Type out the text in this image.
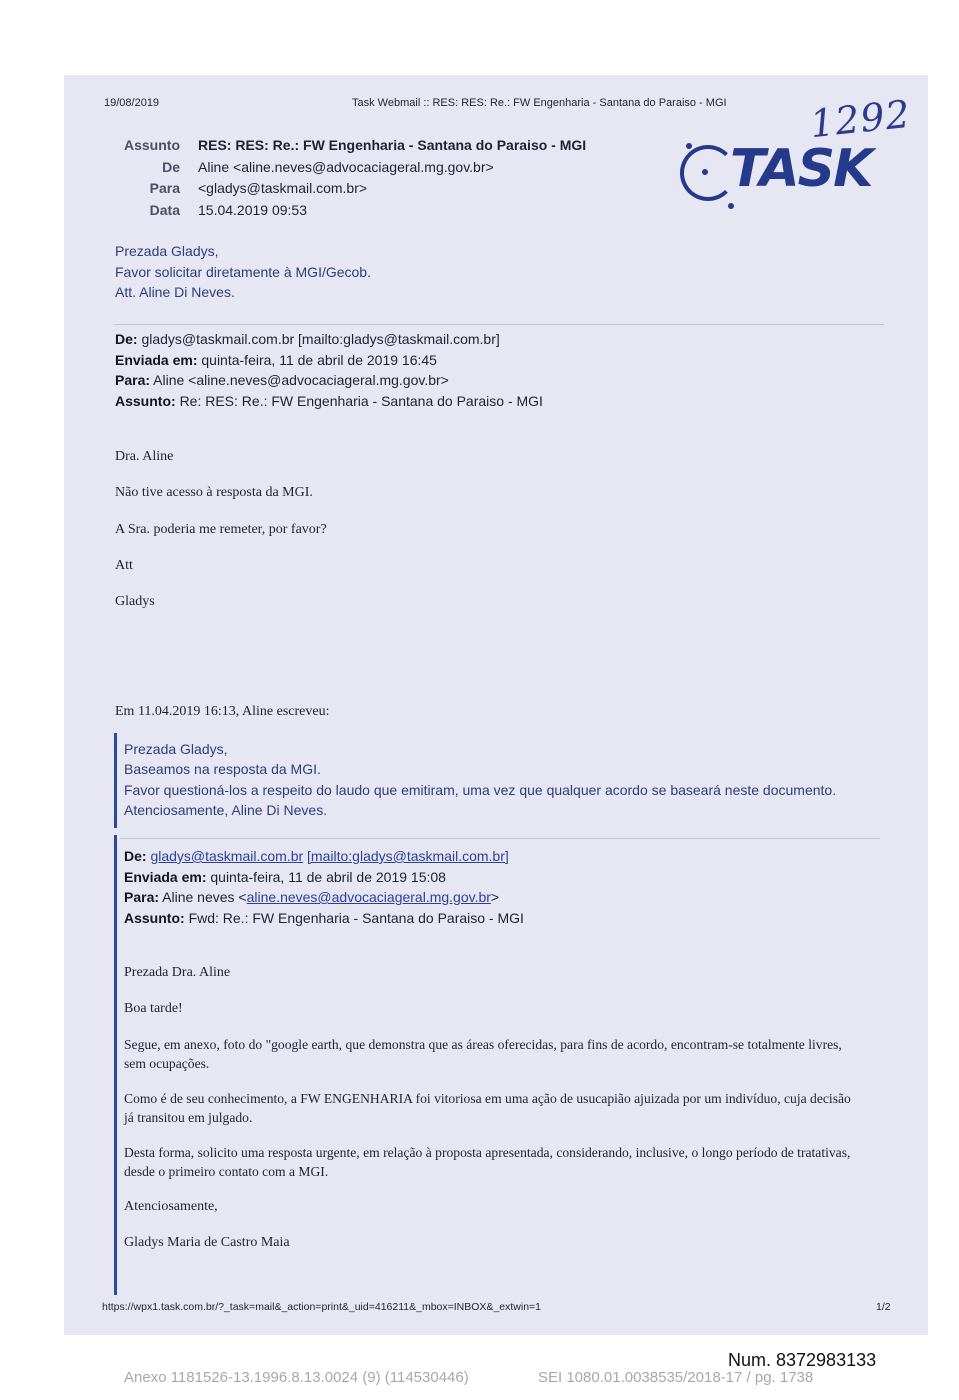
19/08/2019	Task Webmail :: RES: RES: Re.: FW Engenharia - Santana do Paraiso - MGI 1292
Assunto RES: RES: Re.: FW Engenharia - Santana do Paraiso - MGI
De Aline <aline.neves@advocaciageral.mg.gov.br>
Para <gladys@taskmail.com.br>
Data 15.04.2019 09:53
TASK
Prezada Gladys,
Favor solicitar diretamente à MGI/Gecob.
Att. Aline Di Neves.
De: gladys@taskmail.com.br [mailto:gladys@taskmail.com.br]
Enviada em: quinta-feira, 11 de abril de 2019 16:45
Para: Aline <aline.neves@advocaciageral.mg.gov.br>
Assunto: Re: RES: Re.: FW Engenharia - Santana do Paraiso - MGI
Dra. Aline
Não tive acesso à resposta da MGI.
A Sra. poderia me remeter, por favor?
Att
Gladys
Em 11.04.2019 16:13, Aline escreveu:
Prezada Gladys,
Baseamos na resposta da MGI.
Favor questioná-los a respeito do laudo que emitiram, uma vez que qualquer acordo se baseará neste documento.
Atenciosamente, Aline Di Neves.
De: gladys@taskmail.com.br [mailto:gladys@taskmail.com.br]
Enviada em: quinta-feira, 11 de abril de 2019 15:08
Para: Aline neves <aline.neves@advocaciageral.mg.gov.br>
Assunto: Fwd: Re.: FW Engenharia - Santana do Paraiso - MGI
Prezada Dra. Aline
Boa tarde!
Segue, em anexo, foto do "google earth, que demonstra que as áreas oferecidas, para fins de acordo, encontram-se totalmente livres, sem ocupações.
Como é de seu conhecimento, a FW ENGENHARIA foi vitoriosa em uma ação de usucapião ajuizada por um indivíduo, cuja decisão já transitou em julgado.
Desta forma, solicito uma resposta urgente, em relação à proposta apresentada, considerando, inclusive, o longo período de tratativas, desde o primeiro contato com a MGI.
Atenciosamente,
Gladys Maria de Castro Maia
https://wpx1.task.com.br/?_task=mail&_action=print&_uid=416211&_mbox=INBOX&_extwin=1	1/2
Num. 8372983133
Anexo 1181526-13.1996.8.13.0024 (9) (114530446)	SEI 1080.01.0038535/2018-17 / pg. 1738
